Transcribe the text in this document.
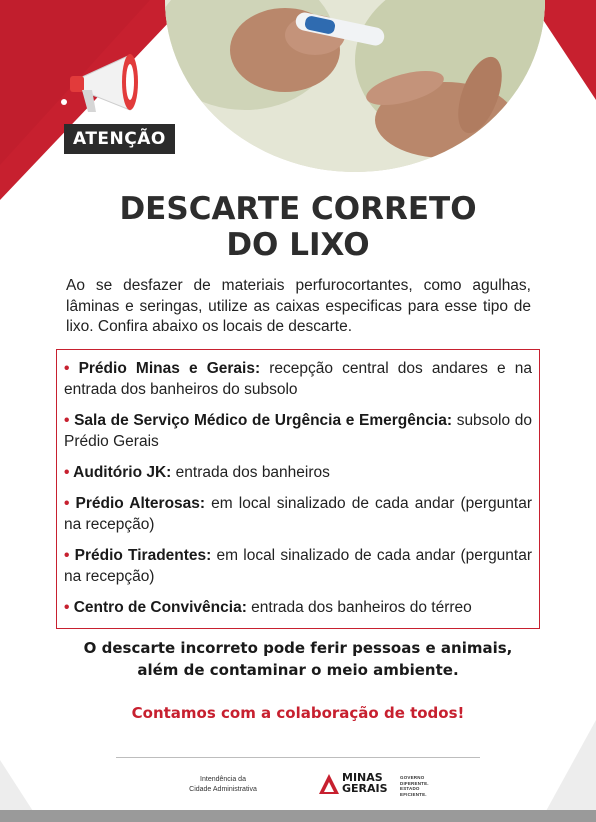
ATENÇÃO
DESCARTE CORRETO
DO LIXO
Ao se desfazer de materiais perfurocortantes, como agulhas, lâminas e seringas, utilize as caixas especificas para esse tipo de lixo. Confira abaixo os locais de descarte.
• Prédio Minas e Gerais: recepção central dos andares e na entrada dos banheiros do subsolo
• Sala de Serviço Médico de Urgência e Emergência: subsolo do Prédio Gerais
• Auditório JK: entrada dos banheiros
• Prédio Alterosas: em local sinalizado de cada andar (perguntar na recepção)
• Prédio Tiradentes: em local sinalizado de cada andar (perguntar na recepção)
• Centro de Convivência: entrada dos banheiros do térreo
O descarte incorreto pode ferir pessoas e animais,
além de contaminar o meio ambiente.
Contamos com a colaboração de todos!
Intendência da
Cidade Administrativa
MINAS
GERAIS
GOVERNO
DIFERENTE.
ESTADO
EFICIENTE.
